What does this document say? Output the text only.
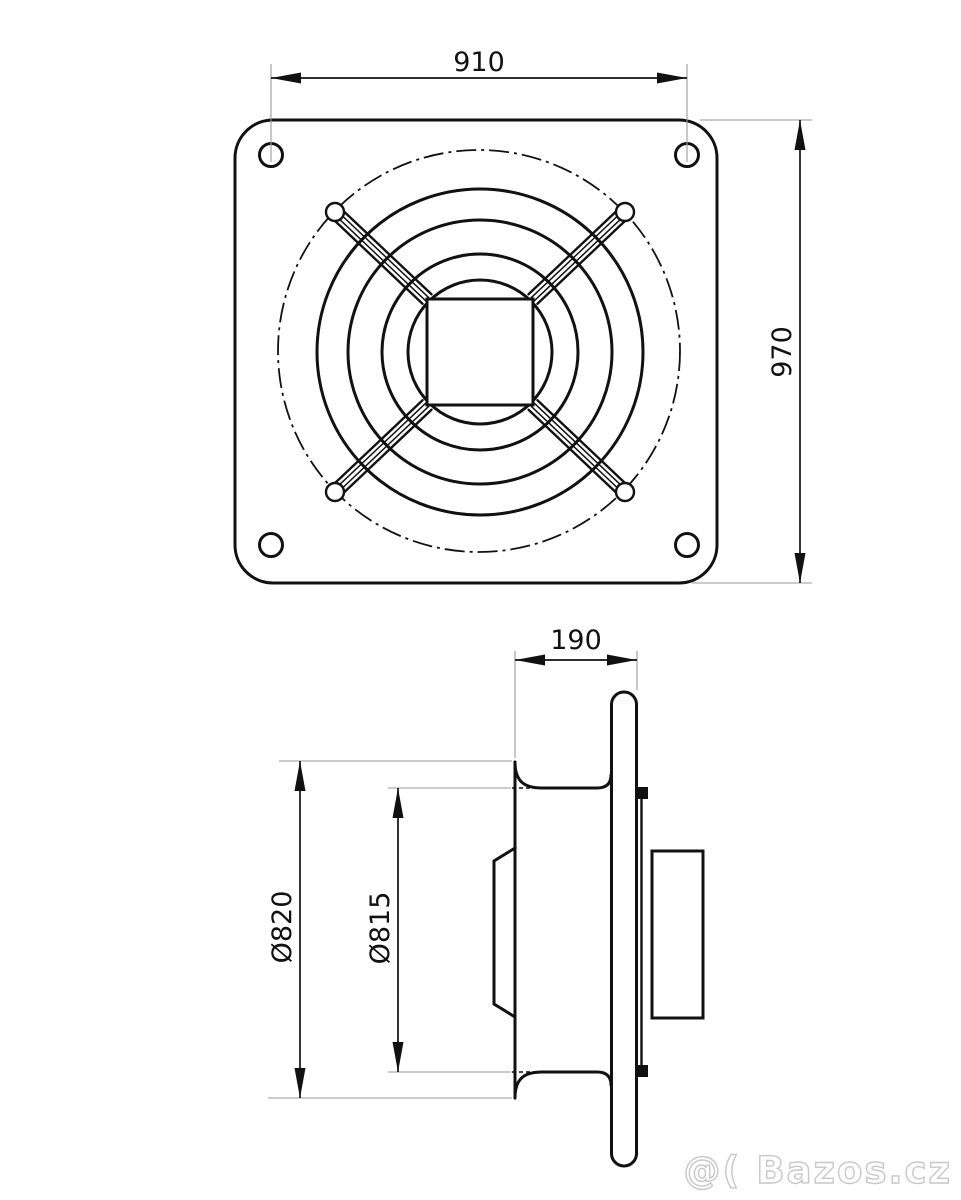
910
970
190
Ø820 Ø815
@( Bazos.cz
